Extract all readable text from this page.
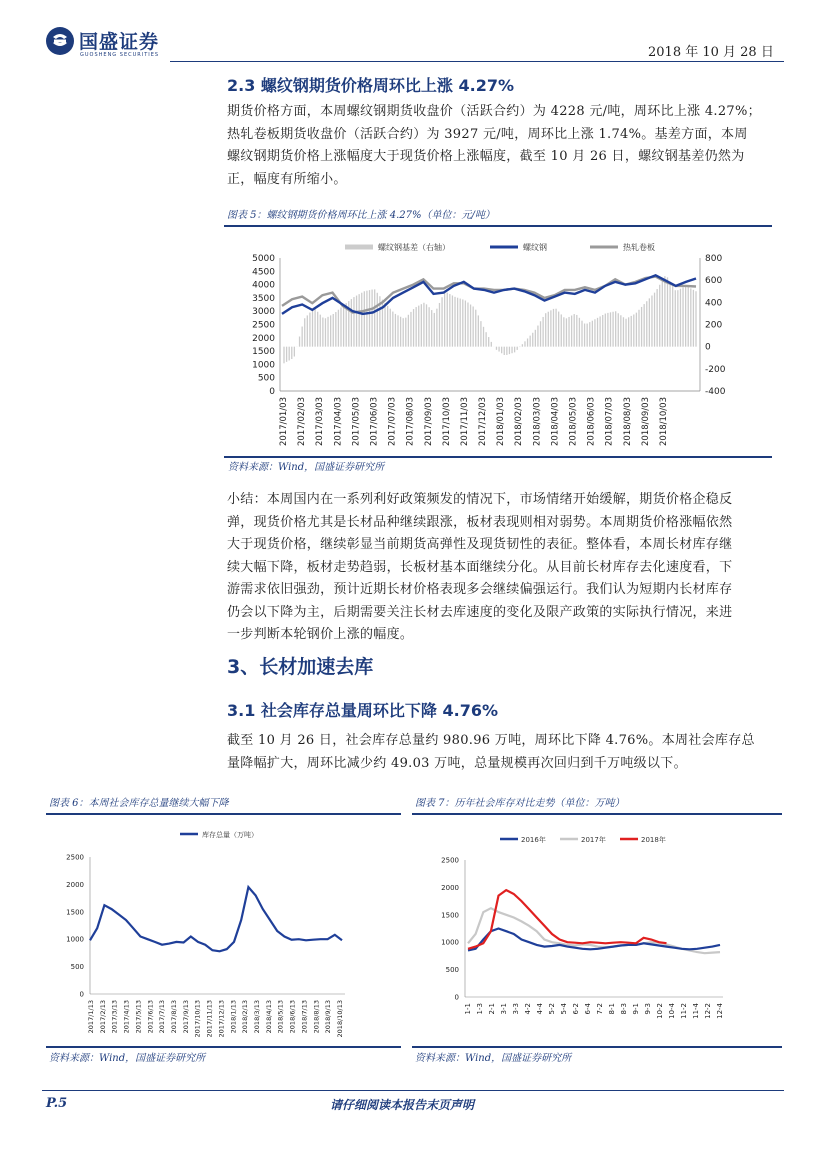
国盛证券
GUOSHENG SECURITIES	2018 年 10 月 28 日
2.3 螺纹钢期货价格周环比上涨 4.27%
期货价格方面，本周螺纹钢期货收盘价（活跃合约）为 4228 元/吨，周环比上涨 4.27%；
热轧卷板期货收盘价（活跃合约）为 3927 元/吨，周环比上涨 1.74%。基差方面，本周
螺纹钢期货价格上涨幅度大于现货价格上涨幅度，截至 10 月 26 日，螺纹钢基差仍然为
正，幅度有所缩小。
图表 5：螺纹钢期货价格周环比上涨 4.27%（单位：元/吨）
螺纹钢基差（右轴）	螺纹钢	热轧卷板
0
500
1000
1500
2000
2500
3000
3500
4000
4500
5000
-400
-200
0
200
400
600
800
2017/01/03 2017/02/03 2017/03/03 2017/04/03 2017/05/03 2017/06/03 2017/07/03 2017/08/03 2017/09/03 2017/10/03 2017/11/03 2017/12/03 2018/01/03 2018/02/03 2018/03/03 2018/04/03 2018/05/03 2018/06/03 2018/07/03 2018/08/03 2018/09/03 2018/10/03
资料来源：Wind，国盛证券研究所
小结：本周国内在一系列利好政策频发的情况下，市场情绪开始缓解，期货价格企稳反
弹，现货价格尤其是长材品种继续跟涨，板材表现则相对弱势。本周期货价格涨幅依然
大于现货价格，继续彰显当前期货高弹性及现货韧性的表征。整体看，本周长材库存继
续大幅下降，板材走势趋弱，长板材基本面继续分化。从目前长材库存去化速度看，下
游需求依旧强劲，预计近期长材价格表现多会继续偏强运行。我们认为短期内长材库存
仍会以下降为主，后期需要关注长材去库速度的变化及限产政策的实际执行情况，来进
一步判断本轮钢价上涨的幅度。
3、长材加速去库
3.1 社会库存总量周环比下降 4.76%
截至 10 月 26 日，社会库存总量约 980.96 万吨，周环比下降 4.76%。本周社会库存总
量降幅扩大，周环比减少约 49.03 万吨，总量规模再次回归到千万吨级以下。
图表 6：本周社会库存总量继续大幅下降
库存总量（万吨）
0
500
1000
1500
2000
2500
2017/1/13 2017/2/13 2017/3/13 2017/4/13 2017/5/13 2017/6/13 2017/7/13 2017/8/13 2017/9/13 2017/10/13 2017/11/13 2017/12/13 2018/1/13 2018/2/13 2018/3/13 2018/4/13 2018/5/13 2018/6/13 2018/7/13 2018/8/13 2018/9/13 2018/10/13
资料来源：Wind，国盛证券研究所
图表 7：历年社会库存对比走势（单位：万吨）
2016年	2017年	2018年
0
500
1000
1500
2000
2500
1-1 1-3 2-1 3-1 3-3 4-2 4-4 5-2 5-4 6-2 6-4 7-2 8-1 8-3 9-1 9-3 10-2 10-4 11-2 11-4 12-2 12-4
资料来源：Wind，国盛证券研究所
P.5	请仔细阅读本报告末页声明
